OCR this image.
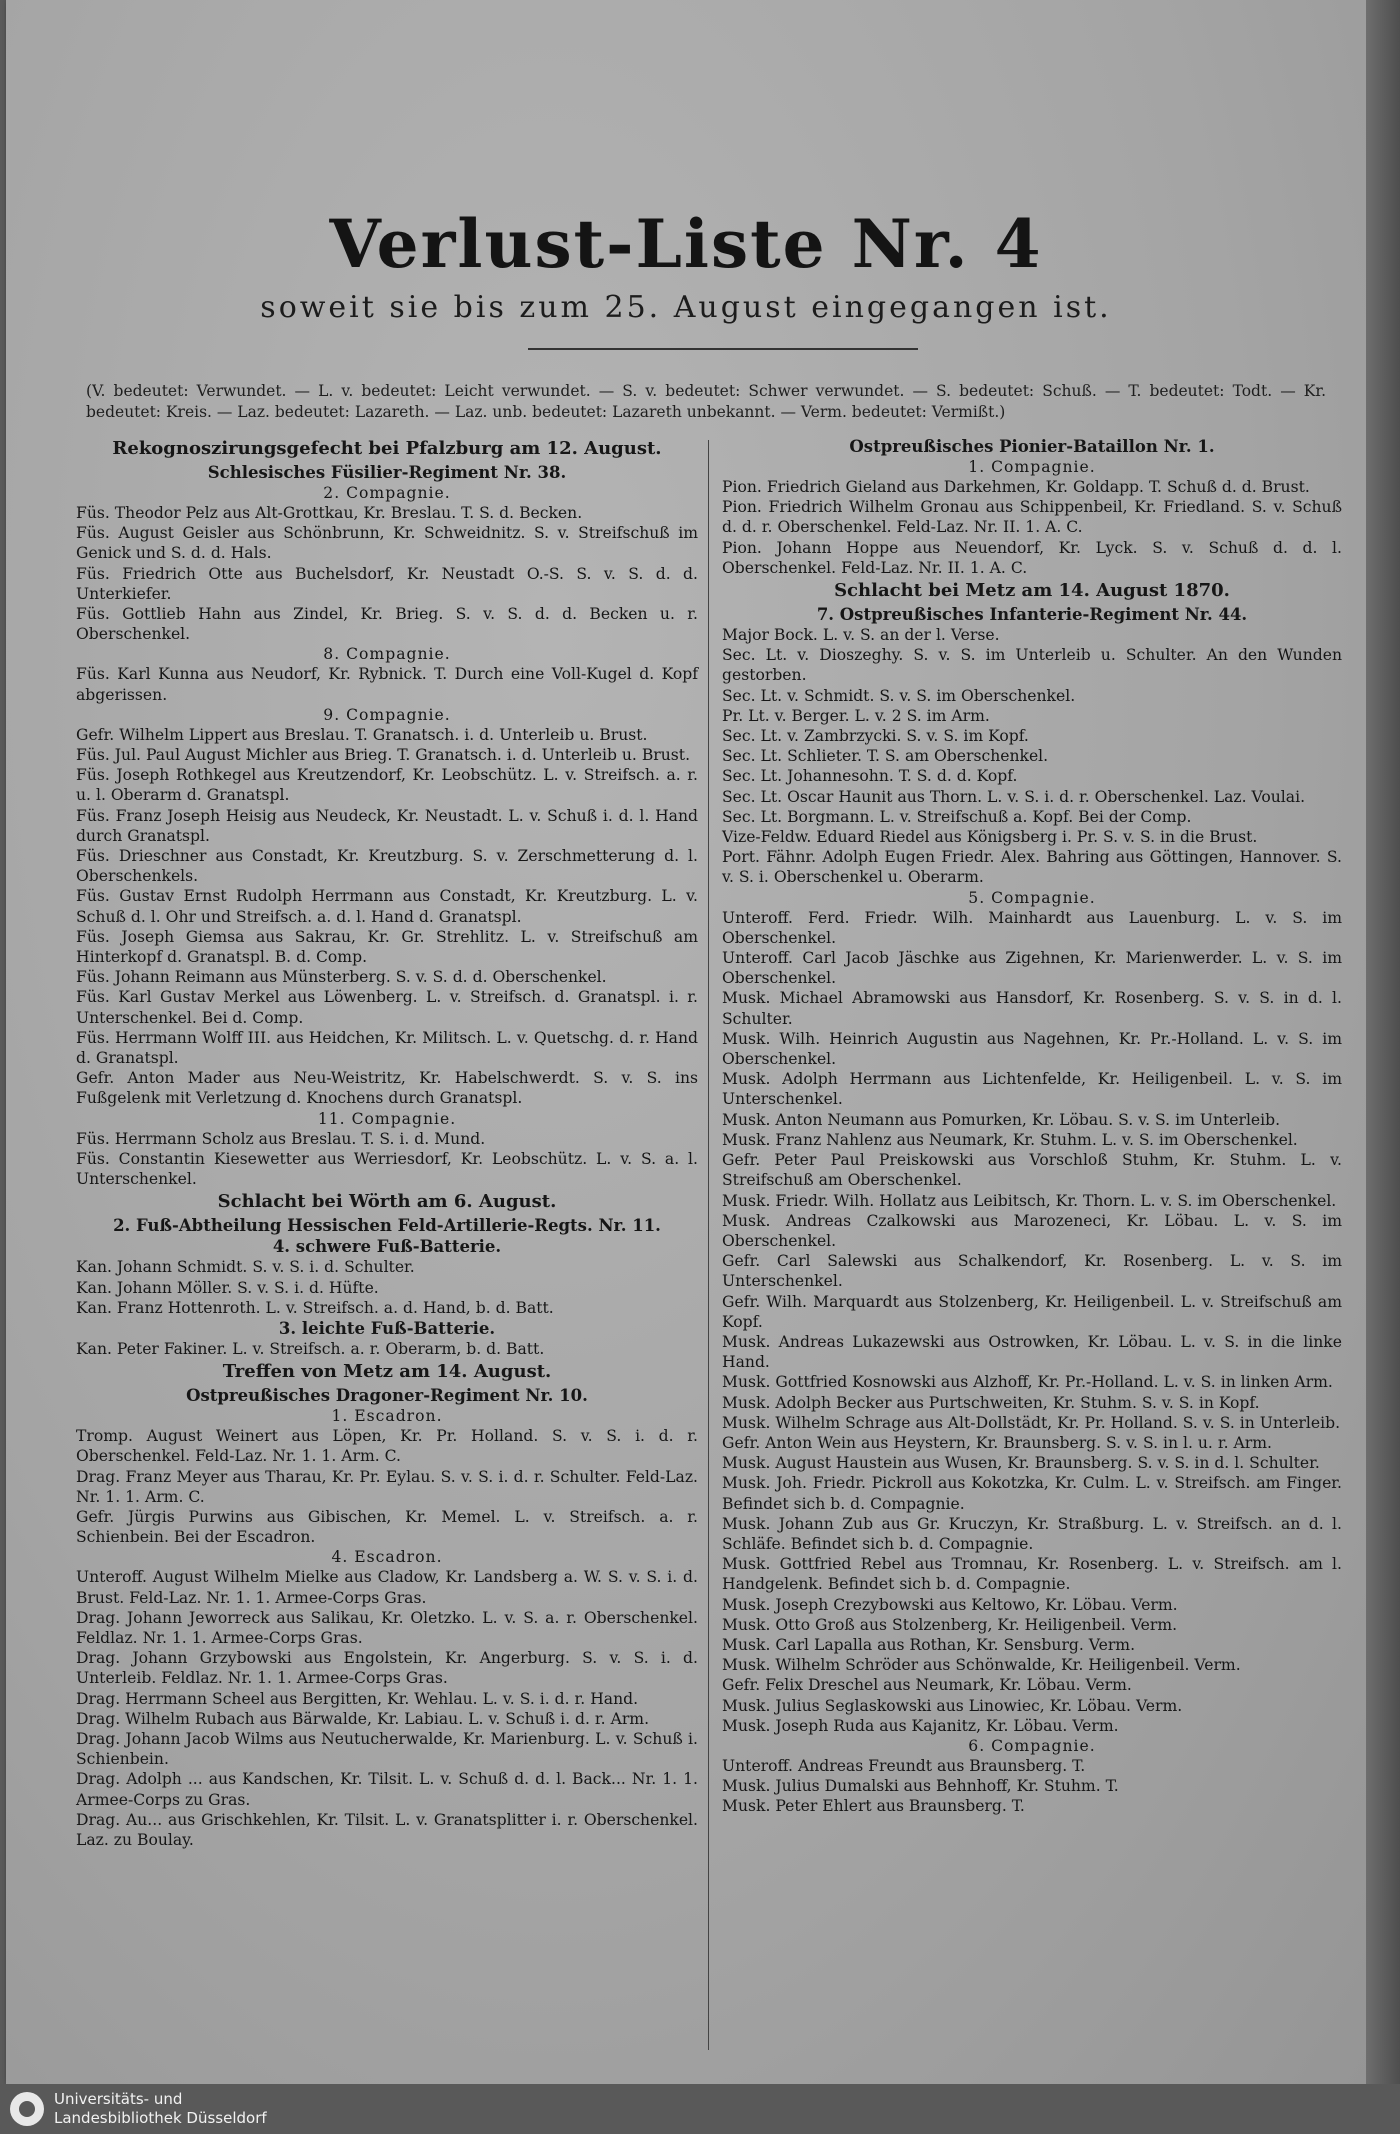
Verlust-Liste Nr. 4
soweit sie bis zum 25. August eingegangen ist.
(V. bedeutet: Verwundet. — L. v. bedeutet: Leicht verwundet. — S. v. bedeutet: Schwer verwundet. — S. bedeutet: Schuß. — T. bedeutet: Todt. — Kr. bedeutet: Kreis. — Laz. bedeutet: Lazareth. — Laz. unb. bedeutet: Lazareth unbekannt. — Verm. bedeutet: Vermißt.)
Rekognoszirungsgefecht bei Pfalzburg am 12. August.
Schlesisches Füsilier-Regiment Nr. 38.
2. Compagnie.
Füs. Theodor Pelz aus Alt-Grottkau, Kr. Breslau. T. S. d. Becken.
Füs. August Geisler aus Schönbrunn, Kr. Schweidnitz. S. v. Streifschuß im Genick und S. d. d. Hals.
Füs. Friedrich Otte aus Buchelsdorf, Kr. Neustadt O.-S. S. v. S. d. d. Unterkiefer.
Füs. Gottlieb Hahn aus Zindel, Kr. Brieg. S. v. S. d. d. Becken u. r. Oberschenkel.
8. Compagnie.
Füs. Karl Kunna aus Neudorf, Kr. Rybnick. T. Durch eine Voll-Kugel d. Kopf abgerissen.
9. Compagnie.
Gefr. Wilhelm Lippert aus Breslau. T. Granatsch. i. d. Unterleib u. Brust.
Füs. Jul. Paul August Michler aus Brieg. T. Granatsch. i. d. Unterleib u. Brust.
Füs. Joseph Rothkegel aus Kreutzendorf, Kr. Leobschütz. L. v. Streifsch. a. r. u. l. Oberarm d. Granatspl.
Füs. Franz Joseph Heisig aus Neudeck, Kr. Neustadt. L. v. Schuß i. d. l. Hand durch Granatspl.
Füs. Drieschner aus Constadt, Kr. Kreutzburg. S. v. Zerschmetterung d. l. Oberschenkels.
Füs. Gustav Ernst Rudolph Herrmann aus Constadt, Kr. Kreutzburg. L. v. Schuß d. l. Ohr und Streifsch. a. d. l. Hand d. Granatspl.
Füs. Joseph Giemsa aus Sakrau, Kr. Gr. Strehlitz. L. v. Streifschuß am Hinterkopf d. Granatspl. B. d. Comp.
Füs. Johann Reimann aus Münsterberg. S. v. S. d. d. Oberschenkel.
Füs. Karl Gustav Merkel aus Löwenberg. L. v. Streifsch. d. Granatspl. i. r. Unterschenkel. Bei d. Comp.
Füs. Herrmann Wolff III. aus Heidchen, Kr. Militsch. L. v. Quetschg. d. r. Hand d. Granatspl.
Gefr. Anton Mader aus Neu-Weistritz, Kr. Habelschwerdt. S. v. S. ins Fußgelenk mit Verletzung d. Knochens durch Granatspl.
11. Compagnie.
Füs. Herrmann Scholz aus Breslau. T. S. i. d. Mund.
Füs. Constantin Kiesewetter aus Werriesdorf, Kr. Leobschütz. L. v. S. a. l. Unterschenkel.
Schlacht bei Wörth am 6. August.
2. Fuß-Abtheilung Hessischen Feld-Artillerie-Regts. Nr. 11.
4. schwere Fuß-Batterie.
Kan. Johann Schmidt. S. v. S. i. d. Schulter.
Kan. Johann Möller. S. v. S. i. d. Hüfte.
Kan. Franz Hottenroth. L. v. Streifsch. a. d. Hand, b. d. Batt.
3. leichte Fuß-Batterie.
Kan. Peter Fakiner. L. v. Streifsch. a. r. Oberarm, b. d. Batt.
Treffen von Metz am 14. August.
Ostpreußisches Dragoner-Regiment Nr. 10.
1. Escadron.
Tromp. August Weinert aus Löpen, Kr. Pr. Holland. S. v. S. i. d. r. Oberschenkel. Feld-Laz. Nr. 1. 1. Arm. C.
Drag. Franz Meyer aus Tharau, Kr. Pr. Eylau. S. v. S. i. d. r. Schulter. Feld-Laz. Nr. 1. 1. Arm. C.
Gefr. Jürgis Purwins aus Gibischen, Kr. Memel. L. v. Streifsch. a. r. Schienbein. Bei der Escadron.
4. Escadron.
Unteroff. August Wilhelm Mielke aus Cladow, Kr. Landsberg a. W. S. v. S. i. d. Brust. Feld-Laz. Nr. 1. 1. Armee-Corps Gras.
Drag. Johann Jeworreck aus Salikau, Kr. Oletzko. L. v. S. a. r. Oberschenkel. Feldlaz. Nr. 1. 1. Armee-Corps Gras.
Drag. Johann Grzybowski aus Engolstein, Kr. Angerburg. S. v. S. i. d. Unterleib. Feldlaz. Nr. 1. 1. Armee-Corps Gras.
Drag. Herrmann Scheel aus Bergitten, Kr. Wehlau. L. v. S. i. d. r. Hand.
Drag. Wilhelm Rubach aus Bärwalde, Kr. Labiau. L. v. Schuß i. d. r. Arm.
Drag. Johann Jacob Wilms aus Neutucherwalde, Kr. Marienburg. L. v. Schuß i. Schienbein.
Drag. Adolph ... aus Kandschen, Kr. Tilsit. L. v. Schuß d. d. l. Back... Nr. 1. 1. Armee-Corps zu Gras.
Drag. Au... aus Grischkehlen, Kr. Tilsit. L. v. Granatsplitter i. r. Oberschenkel. Laz. zu Boulay.
Ostpreußisches Pionier-Bataillon Nr. 1.
1. Compagnie.
Pion. Friedrich Gieland aus Darkehmen, Kr. Goldapp. T. Schuß d. d. Brust.
Pion. Friedrich Wilhelm Gronau aus Schippenbeil, Kr. Friedland. S. v. Schuß d. d. r. Oberschenkel. Feld-Laz. Nr. II. 1. A. C.
Pion. Johann Hoppe aus Neuendorf, Kr. Lyck. S. v. Schuß d. d. l. Oberschenkel. Feld-Laz. Nr. II. 1. A. C.
Schlacht bei Metz am 14. August 1870.
7. Ostpreußisches Infanterie-Regiment Nr. 44.
Major Bock. L. v. S. an der l. Verse.
Sec. Lt. v. Dioszeghy. S. v. S. im Unterleib u. Schulter. An den Wunden gestorben.
Sec. Lt. v. Schmidt. S. v. S. im Oberschenkel.
Pr. Lt. v. Berger. L. v. 2 S. im Arm.
Sec. Lt. v. Zambrzycki. S. v. S. im Kopf.
Sec. Lt. Schlieter. T. S. am Oberschenkel.
Sec. Lt. Johannesohn. T. S. d. d. Kopf.
Sec. Lt. Oscar Haunit aus Thorn. L. v. S. i. d. r. Oberschenkel. Laz. Voulai.
Sec. Lt. Borgmann. L. v. Streifschuß a. Kopf. Bei der Comp.
Vize-Feldw. Eduard Riedel aus Königsberg i. Pr. S. v. S. in die Brust.
Port. Fähnr. Adolph Eugen Friedr. Alex. Bahring aus Göttingen, Hannover. S. v. S. i. Oberschenkel u. Oberarm.
5. Compagnie.
Unteroff. Ferd. Friedr. Wilh. Mainhardt aus Lauenburg. L. v. S. im Oberschenkel.
Unteroff. Carl Jacob Jäschke aus Zigehnen, Kr. Marienwerder. L. v. S. im Oberschenkel.
Musk. Michael Abramowski aus Hansdorf, Kr. Rosenberg. S. v. S. in d. l. Schulter.
Musk. Wilh. Heinrich Augustin aus Nagehnen, Kr. Pr.-Holland. L. v. S. im Oberschenkel.
Musk. Adolph Herrmann aus Lichtenfelde, Kr. Heiligenbeil. L. v. S. im Unterschenkel.
Musk. Anton Neumann aus Pomurken, Kr. Löbau. S. v. S. im Unterleib.
Musk. Franz Nahlenz aus Neumark, Kr. Stuhm. L. v. S. im Oberschenkel.
Gefr. Peter Paul Preiskowski aus Vorschloß Stuhm, Kr. Stuhm. L. v. Streifschuß am Oberschenkel.
Musk. Friedr. Wilh. Hollatz aus Leibitsch, Kr. Thorn. L. v. S. im Oberschenkel.
Musk. Andreas Czalkowski aus Marozeneci, Kr. Löbau. L. v. S. im Oberschenkel.
Gefr. Carl Salewski aus Schalkendorf, Kr. Rosenberg. L. v. S. im Unterschenkel.
Gefr. Wilh. Marquardt aus Stolzenberg, Kr. Heiligenbeil. L. v. Streifschuß am Kopf.
Musk. Andreas Lukazewski aus Ostrowken, Kr. Löbau. L. v. S. in die linke Hand.
Musk. Gottfried Kosnowski aus Alzhoff, Kr. Pr.-Holland. L. v. S. in linken Arm.
Musk. Adolph Becker aus Purtschweiten, Kr. Stuhm. S. v. S. in Kopf.
Musk. Wilhelm Schrage aus Alt-Dollstädt, Kr. Pr. Holland. S. v. S. in Unterleib.
Gefr. Anton Wein aus Heystern, Kr. Braunsberg. S. v. S. in l. u. r. Arm.
Musk. August Haustein aus Wusen, Kr. Braunsberg. S. v. S. in d. l. Schulter.
Musk. Joh. Friedr. Pickroll aus Kokotzka, Kr. Culm. L. v. Streifsch. am Finger. Befindet sich b. d. Compagnie.
Musk. Johann Zub aus Gr. Kruczyn, Kr. Straßburg. L. v. Streifsch. an d. l. Schläfe. Befindet sich b. d. Compagnie.
Musk. Gottfried Rebel aus Tromnau, Kr. Rosenberg. L. v. Streifsch. am l. Handgelenk. Befindet sich b. d. Compagnie.
Musk. Joseph Crezybowski aus Keltowo, Kr. Löbau. Verm.
Musk. Otto Groß aus Stolzenberg, Kr. Heiligenbeil. Verm.
Musk. Carl Lapalla aus Rothan, Kr. Sensburg. Verm.
Musk. Wilhelm Schröder aus Schönwalde, Kr. Heiligenbeil. Verm.
Gefr. Felix Dreschel aus Neumark, Kr. Löbau. Verm.
Musk. Julius Seglaskowski aus Linowiec, Kr. Löbau. Verm.
Musk. Joseph Ruda aus Kajanitz, Kr. Löbau. Verm.
6. Compagnie.
Unteroff. Andreas Freundt aus Braunsberg. T.
Musk. Julius Dumalski aus Behnhoff, Kr. Stuhm. T.
Musk. Peter Ehlert aus Braunsberg. T.
Universitäts- und
Landesbibliothek Düsseldorf
